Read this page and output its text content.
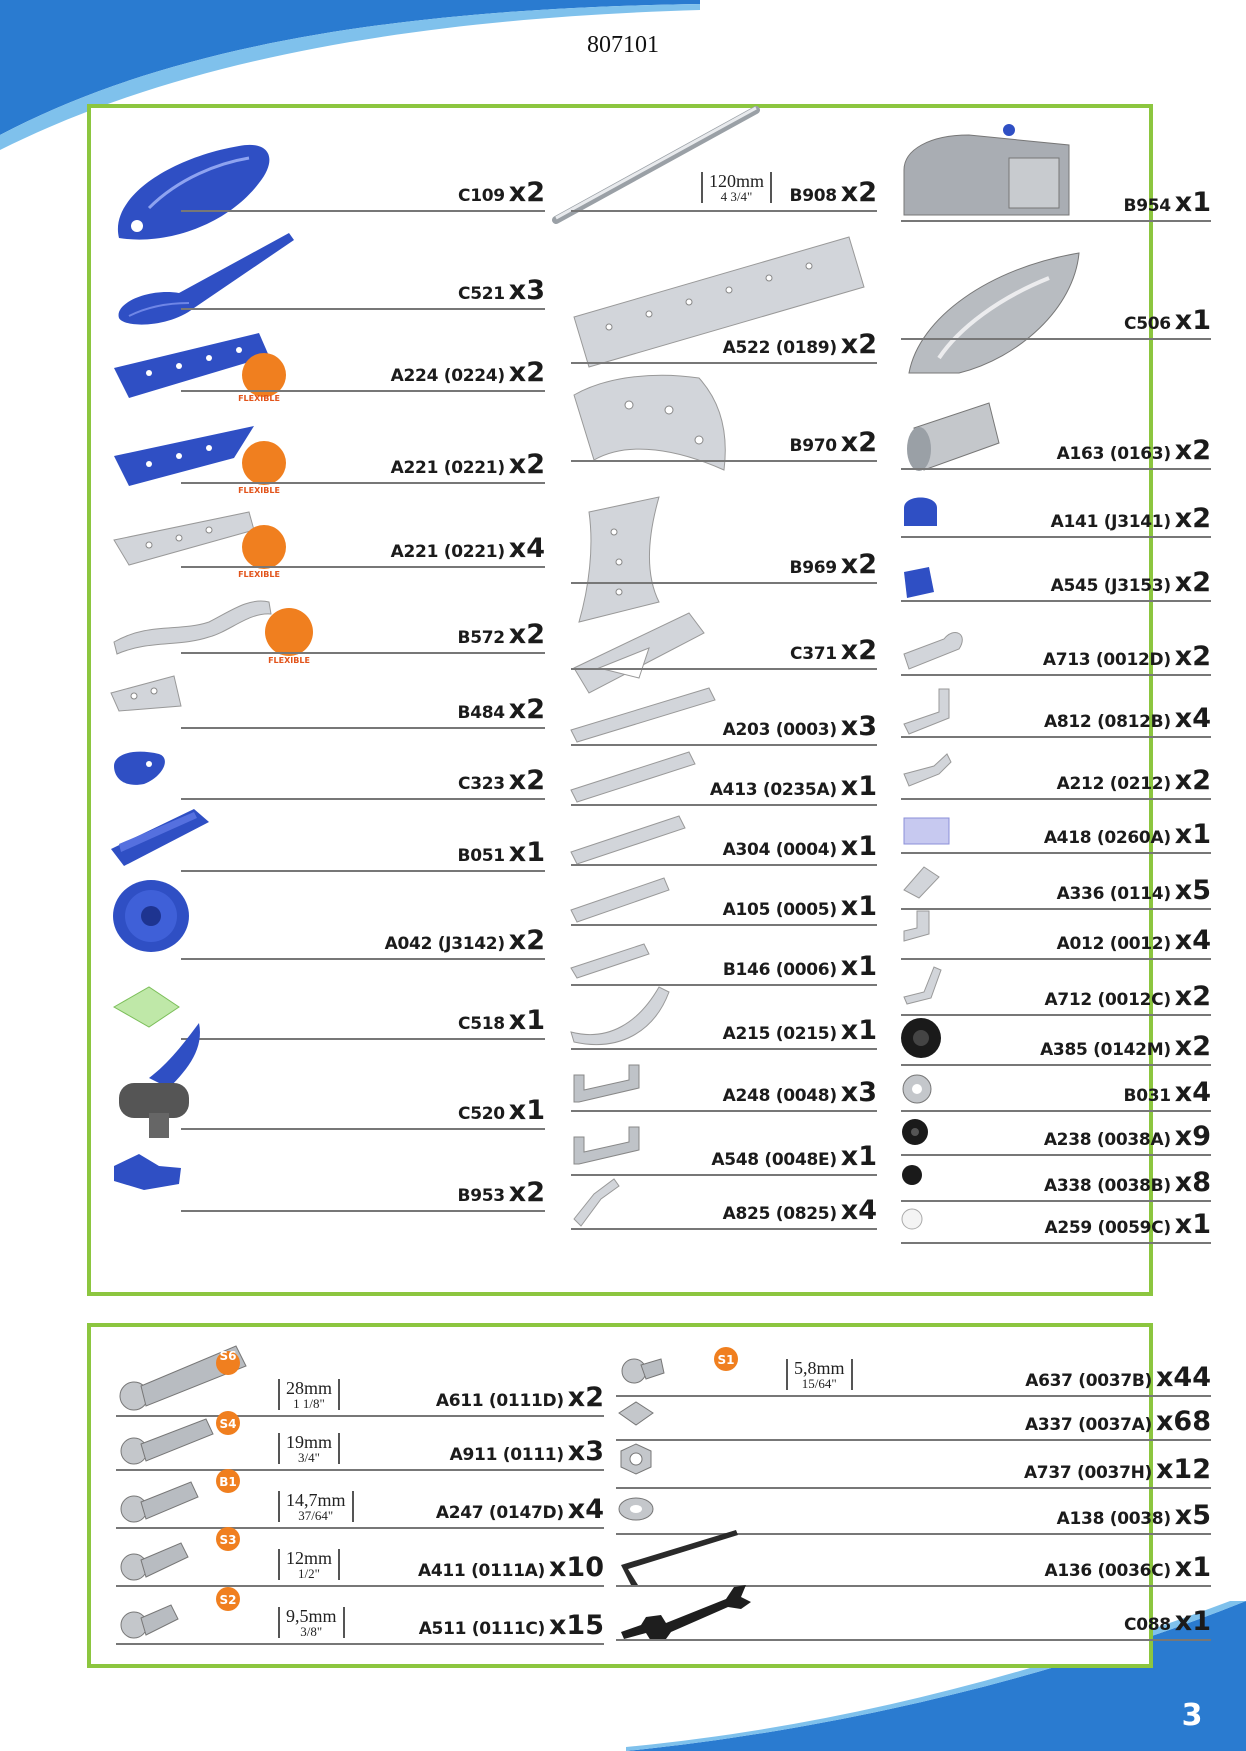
807101
3
C109 x2
C521 x3
FLEXIBLE
A224 (0224) x2
FLEXIBLE
A221 (0221) x2
FLEXIBLE
A221 (0221) x4
FLEXIBLE
B572 x2
B484 x2
C323 x2
B051 x1
A042 (J3142) x2
C518 x1
C520 x1
B953 x2
120mm
4 3/4"	B908 x2
A522 (0189) x2
B970 x2
B969 x2
C371 x2
A203 (0003) x3
A413 (0235A) x1
A304 (0004) x1
A105 (0005) x1
B146 (0006) x1
A215 (0215) x1
A248 (0048) x3
A548 (0048E) x1
A825 (0825) x4
B954 x1
C506 x1
A163 (0163) x2
A141 (J3141) x2
A545 (J3153) x2
A713 (0012D) x2
A812 (0812B) x4
A212 (0212) x2
A418 (0260A) x1
A336 (0114) x5
A012 (0012) x4
A712 (0012C) x2
A385 (0142M) x2
B031 x4
A238 (0038A) x9
A338 (0038B) x8
A259 (0059C) x1
S6
28mm
1 1/8"	A611 (0111D) x2
S4
19mm
3/4"	A911 (0111) x3
B1
14,7mm
37/64"	A247 (0147D) x4
S3
12mm
1/2"	A411 (0111A) x10
S2
9,5mm
3/8"	A511 (0111C) x15
S1	5,8mm
15/64"	A637 (0037B) x44
A337 (0037A) x68
A737 (0037H) x12
A138 (0038) x5
A136 (0036C) x1
C088 x1
